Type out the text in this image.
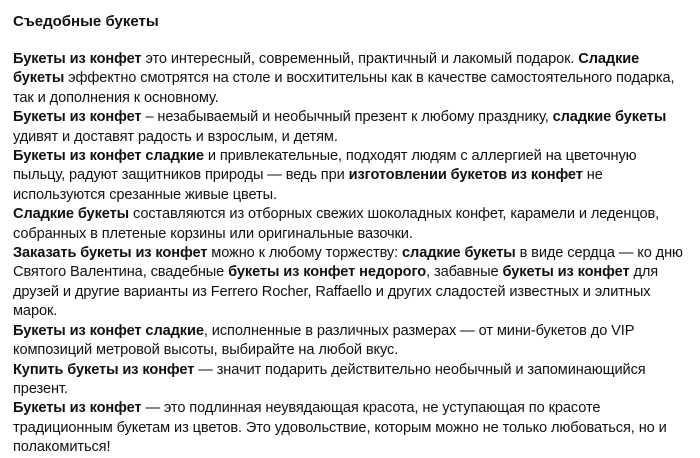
Съедобные букеты

Букеты из конфет это интересный, современный, практичный и лакомый подарок. Сладкие букеты эффектно смотрятся на столе и восхитительны как в качестве самостоятельного подарка, так и дополнения к основному.

Букеты из конфет – незабываемый и необычный презент к любому празднику, сладкие букеты удивят и доставят радость и взрослым, и детям.

Букеты из конфет сладкие и привлекательные, подходят людям с аллергией на цветочную пыльцу, радуют защитников природы — ведь при изготовлении букетов из конфет не используются срезанные живые цветы.

Сладкие букеты составляются из отборных свежих шоколадных конфет, карамели и леденцов, собранных в плетеные корзины или оригинальные вазочки.

Заказать букеты из конфет можно к любому торжеству: сладкие букеты в виде сердца — ко дню Святого Валентина, свадебные букеты из конфет недорого, забавные букеты из конфет для друзей и другие варианты из Ferrero Rocher, Raffaello и других сладостей известных и элитных марок.

Букеты из конфет сладкие, исполненные в различных размерах — от мини-букетов до VIP композиций метровой высоты, выбирайте на любой вкус.

Купить букеты из конфет — значит подарить действительно необычный и запоминающийся презент.

Букеты из конфет — это подлинная неувядающая красота, не уступающая по красоте традиционным букетам из цветов. Это удовольствие, которым можно не только любоваться, но и полакомиться!
